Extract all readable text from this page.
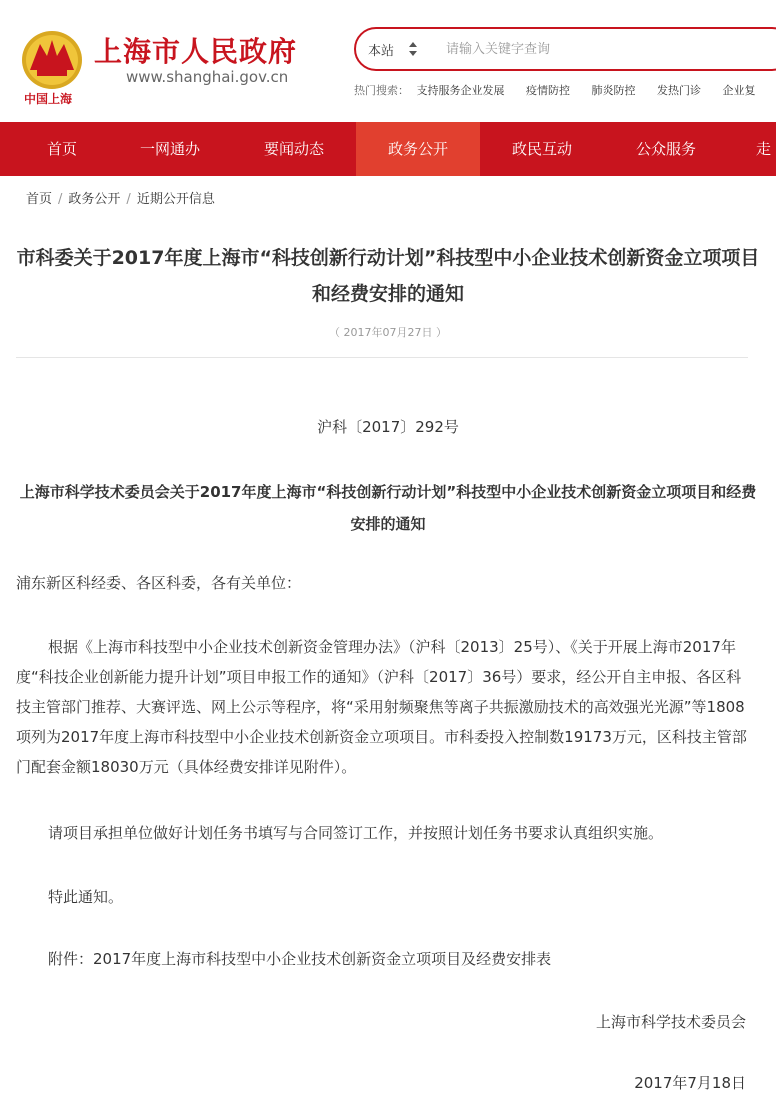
中国上海
上海市人民政府
www.shanghai.gov.cn
本站
请输入关键字查询
热门搜索： 支持服务企业发展 疫情防控 肺炎防控 发热门诊 企业复
首页	一网通办	要闻动态	政务公开	政民互动	公众服务	走
首页 / 政务公开 / 近期公开信息
市科委关于2017年度上海市“科技创新行动计划”科技型中小企业技术创新资金立项项目和经费安排的通知
（ 2017年07月27日 ）
沪科〔2017〕292号
上海市科学技术委员会关于2017年度上海市“科技创新行动计划”科技型中小企业技术创新资金立项项目和经费安排的通知
浦东新区科经委、各区科委，各有关单位：
根据《上海市科技型中小企业技术创新资金管理办法》（沪科〔2013〕25号）、《关于开展上海市2017年度“科技企业创新能力提升计划”项目申报工作的通知》（沪科〔2017〕36号）要求，经公开自主申报、各区科技主管部门推荐、大赛评选、网上公示等程序，将“采用射频聚焦等离子共振激励技术的高效强光光源”等1808项列为2017年度上海市科技型中小企业技术创新资金立项项目。市科委投入控制数19173万元，区科技主管部门配套金额18030万元（具体经费安排详见附件）。
请项目承担单位做好计划任务书填写与合同签订工作，并按照计划任务书要求认真组织实施。
特此通知。
附件：2017年度上海市科技型中小企业技术创新资金立项项目及经费安排表
上海市科学技术委员会
2017年7月18日
